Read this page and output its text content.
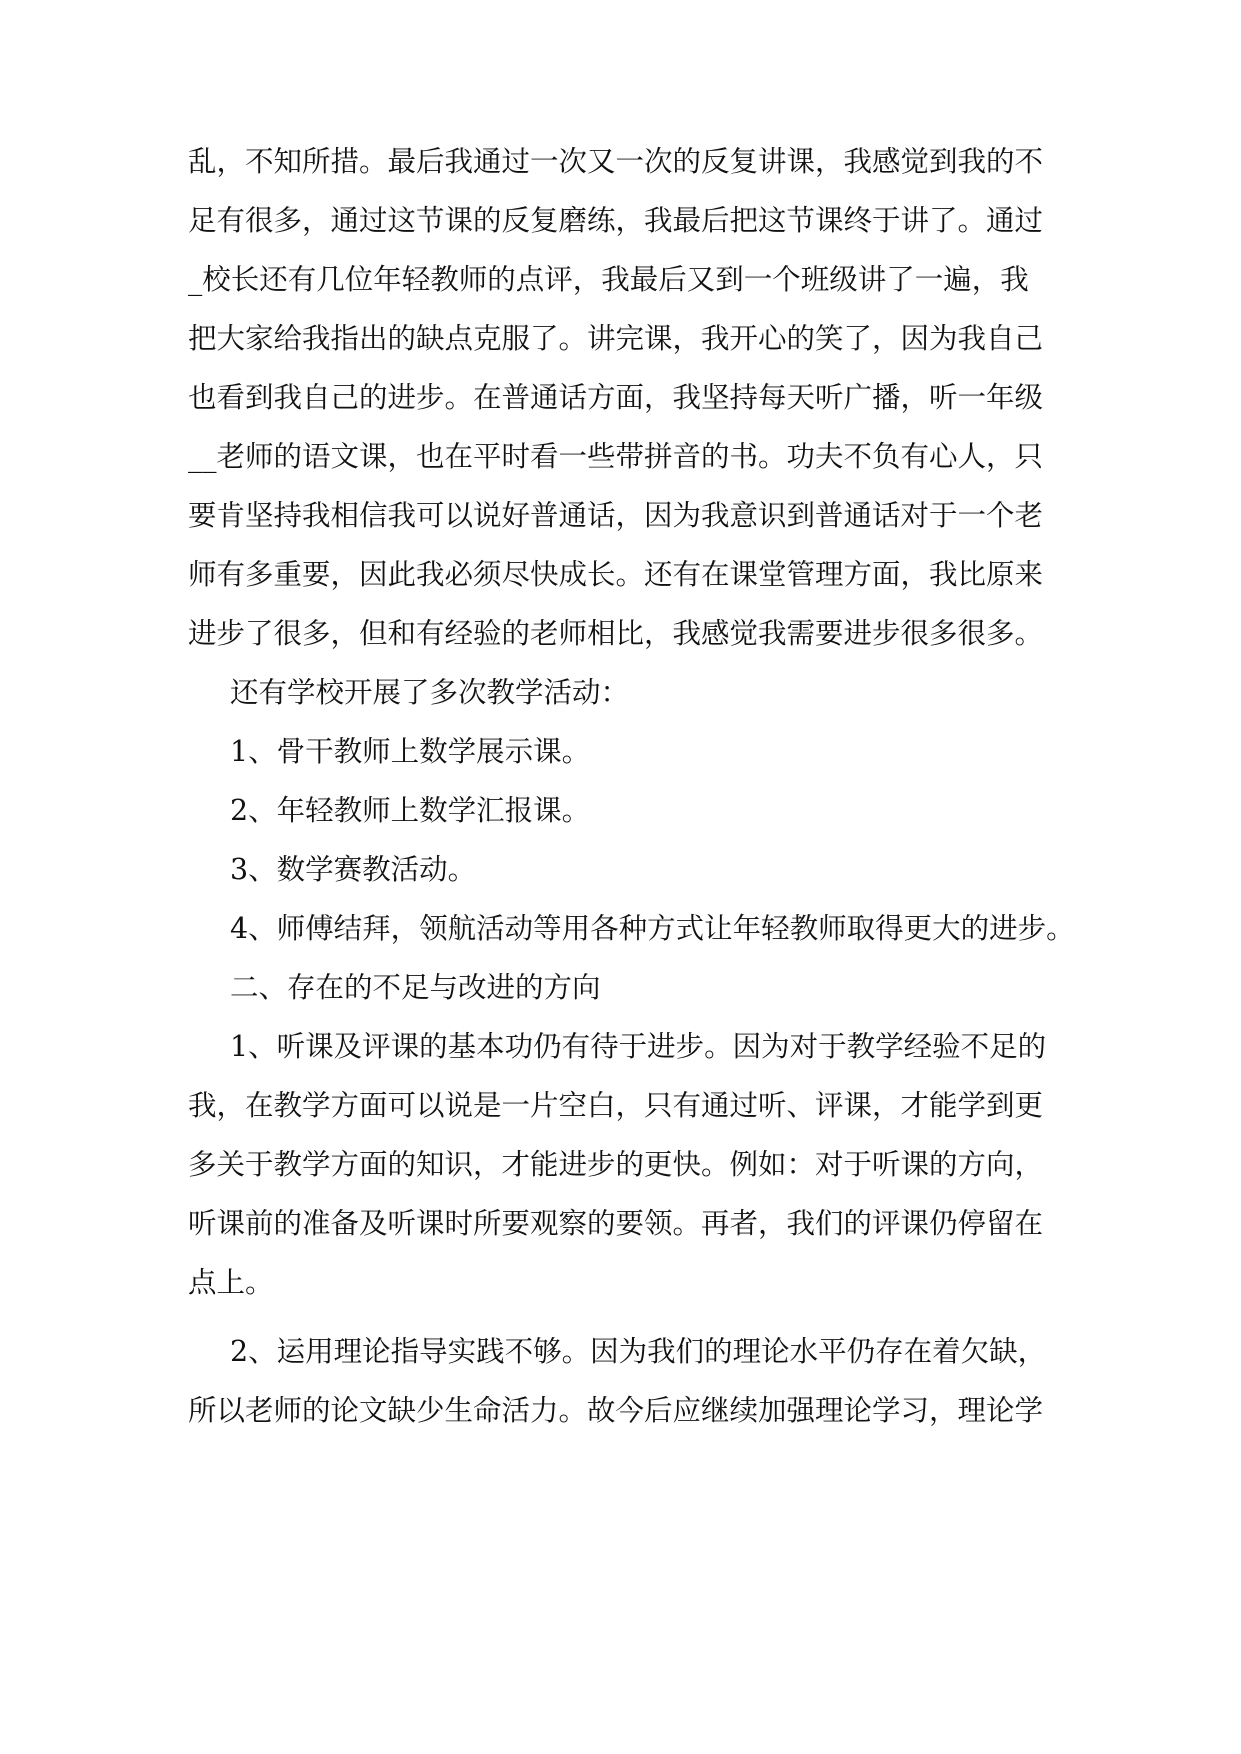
乱，不知所措。最后我通过一次又一次的反复讲课，我感觉到我的不
足有很多，通过这节课的反复磨练，我最后把这节课终于讲了。通过
_校长还有几位年轻教师的点评，我最后又到一个班级讲了一遍，我
把大家给我指出的缺点克服了。讲完课，我开心的笑了，因为我自己
也看到我自己的进步。在普通话方面，我坚持每天听广播，听一年级
__老师的语文课，也在平时看一些带拼音的书。功夫不负有心人，只
要肯坚持我相信我可以说好普通话，因为我意识到普通话对于一个老
师有多重要，因此我必须尽快成长。还有在课堂管理方面，我比原来
进步了很多，但和有经验的老师相比，我感觉我需要进步很多很多。
还有学校开展了多次教学活动：
1、骨干教师上数学展示课。
2、年轻教师上数学汇报课。
3、数学赛教活动。
4、师傅结拜，领航活动等用各种方式让年轻教师取得更大的进步。
二、存在的不足与改进的方向
1、听课及评课的基本功仍有待于进步。因为对于教学经验不足的
我，在教学方面可以说是一片空白，只有通过听、评课，才能学到更
多关于教学方面的知识，才能进步的更快。例如：对于听课的方向，
听课前的准备及听课时所要观察的要领。再者，我们的评课仍停留在
点上。
2、运用理论指导实践不够。因为我们的理论水平仍存在着欠缺，
所以老师的论文缺少生命活力。故今后应继续加强理论学习，理论学
